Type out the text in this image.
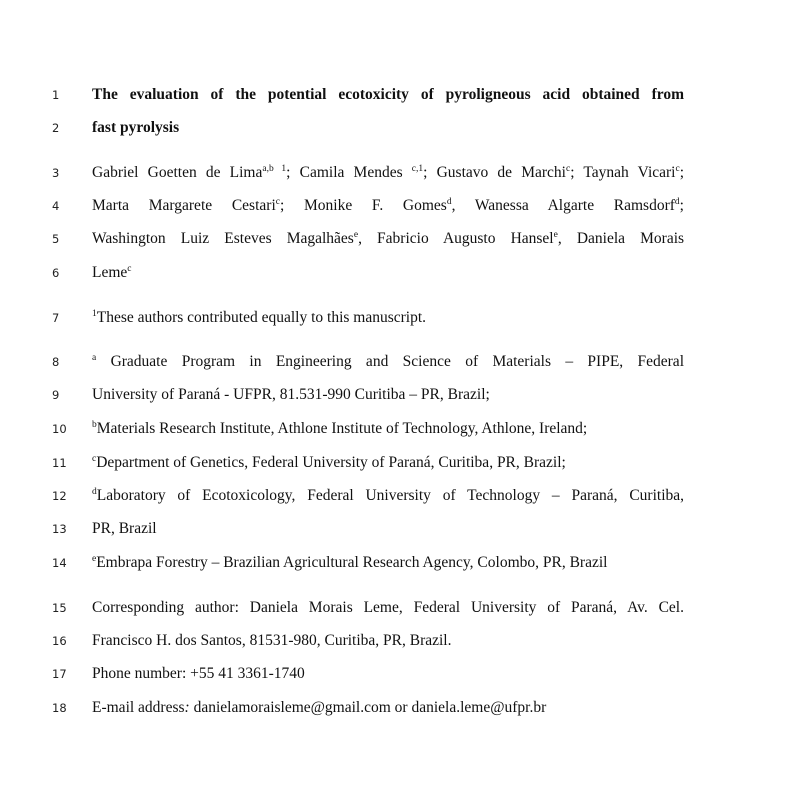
1
2
3
4
5
6
7
8
9
10
11
12
13
14
15
16
17
18
The evaluation of the potential ecotoxicity of pyroligneous acid obtained from
fast pyrolysis
Gabriel Goetten de Lima$^{a,b 1}$; Camila Mendes $^{c,1}$; Gustavo de Marchi$^c$; Taynah Vicari$^c$;
Marta Margarete Cestari$^c$; Monike F. Gomes$^d$, Wanessa Algarte Ramsdorf$^d$;
Washington Luiz Esteves Magalhães$^e$, Fabricio Augusto Hansel$^e$, Daniela Morais
Leme$^c$
$^1$These authors contributed equally to this manuscript.
$^a$ Graduate Program in Engineering and Science of Materials – PIPE, Federal
University of Paraná - UFPR, 81.531-990 Curitiba – PR, Brazil;
$^b$Materials Research Institute, Athlone Institute of Technology, Athlone, Ireland;
$^c$Department of Genetics, Federal University of Paraná, Curitiba, PR, Brazil;
$^d$Laboratory of Ecotoxicology, Federal University of Technology – Paraná, Curitiba,
PR, Brazil
$^e$Embrapa Forestry – Brazilian Agricultural Research Agency, Colombo, PR, Brazil
Corresponding author: Daniela Morais Leme, Federal University of Paraná, Av. Cel.
Francisco H. dos Santos, 81531-980, Curitiba, PR, Brazil.
Phone number: +55 41 3361-1740
E-mail address: danielamoraisleme@gmail.com or daniela.leme@ufpr.br
